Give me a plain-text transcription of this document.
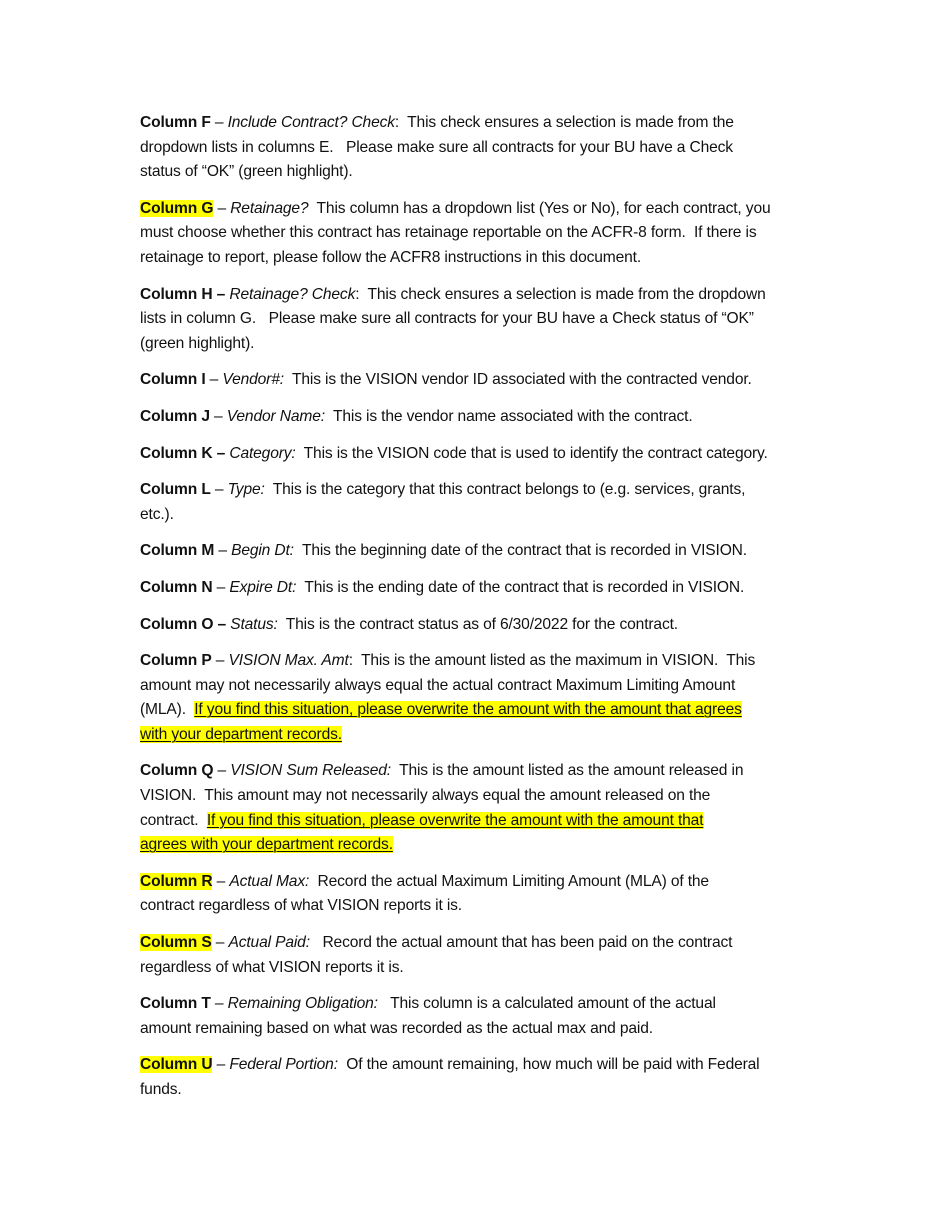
Column F – Include Contract? Check:  This check ensures a selection is made from the
dropdown lists in columns E.   Please make sure all contracts for your BU have a Check
status of “OK” (green highlight).

Column G – Retainage?  This column has a dropdown list (Yes or No), for each contract, you
must choose whether this contract has retainage reportable on the ACFR-8 form.  If there is
retainage to report, please follow the ACFR8 instructions in this document.

Column H – Retainage? Check:  This check ensures a selection is made from the dropdown
lists in column G.   Please make sure all contracts for your BU have a Check status of “OK”
(green highlight).

Column I – Vendor#:  This is the VISION vendor ID associated with the contracted vendor.

Column J – Vendor Name:  This is the vendor name associated with the contract.

Column K – Category:  This is the VISION code that is used to identify the contract category.

Column L – Type:  This is the category that this contract belongs to (e.g. services, grants,
etc.).

Column M – Begin Dt:  This the beginning date of the contract that is recorded in VISION.

Column N – Expire Dt:  This is the ending date of the contract that is recorded in VISION.

Column O – Status:  This is the contract status as of 6/30/2022 for the contract.

Column P – VISION Max. Amt:  This is the amount listed as the maximum in VISION.  This
amount may not necessarily always equal the actual contract Maximum Limiting Amount
(MLA).  If you find this situation, please overwrite the amount with the amount that agrees
with your department records.

Column Q – VISION Sum Released:  This is the amount listed as the amount released in
VISION.  This amount may not necessarily always equal the amount released on the
contract.  If you find this situation, please overwrite the amount with the amount that
agrees with your department records.

Column R – Actual Max:  Record the actual Maximum Limiting Amount (MLA) of the
contract regardless of what VISION reports it is.

Column S – Actual Paid:   Record the actual amount that has been paid on the contract
regardless of what VISION reports it is.

Column T – Remaining Obligation:   This column is a calculated amount of the actual
amount remaining based on what was recorded as the actual max and paid.

Column U – Federal Portion:  Of the amount remaining, how much will be paid with Federal
funds.
